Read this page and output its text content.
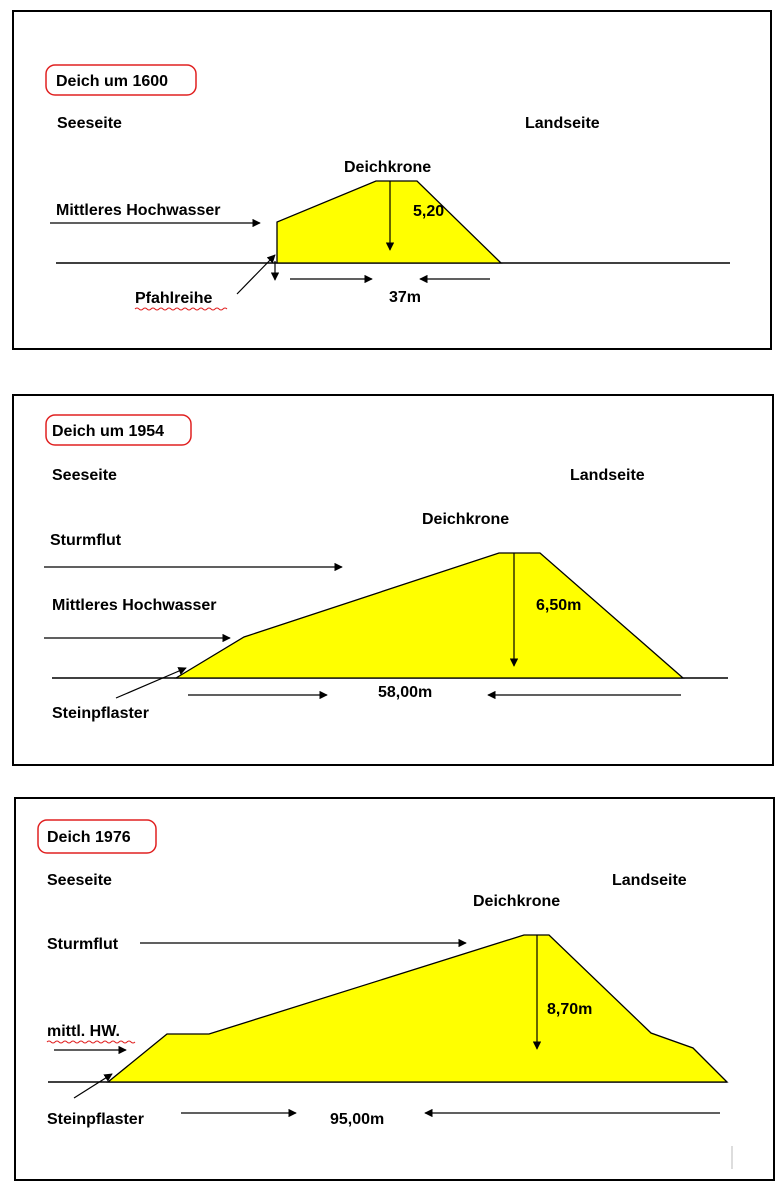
Deich um 1600
Seeseite	Landseite
Deichkrone
Mittleres Hochwasser	5,20
Pfahlreihe	37m
Deich um 1954
Seeseite	Landseite
Deichkrone
Sturmflut
Mittleres Hochwasser	6,50m
Steinpflaster
58,00m
Deich 1976
Seeseite	Landseite
Deichkrone
Sturmflut
mittl. HW.
8,70m
Steinpflaster	95,00m
